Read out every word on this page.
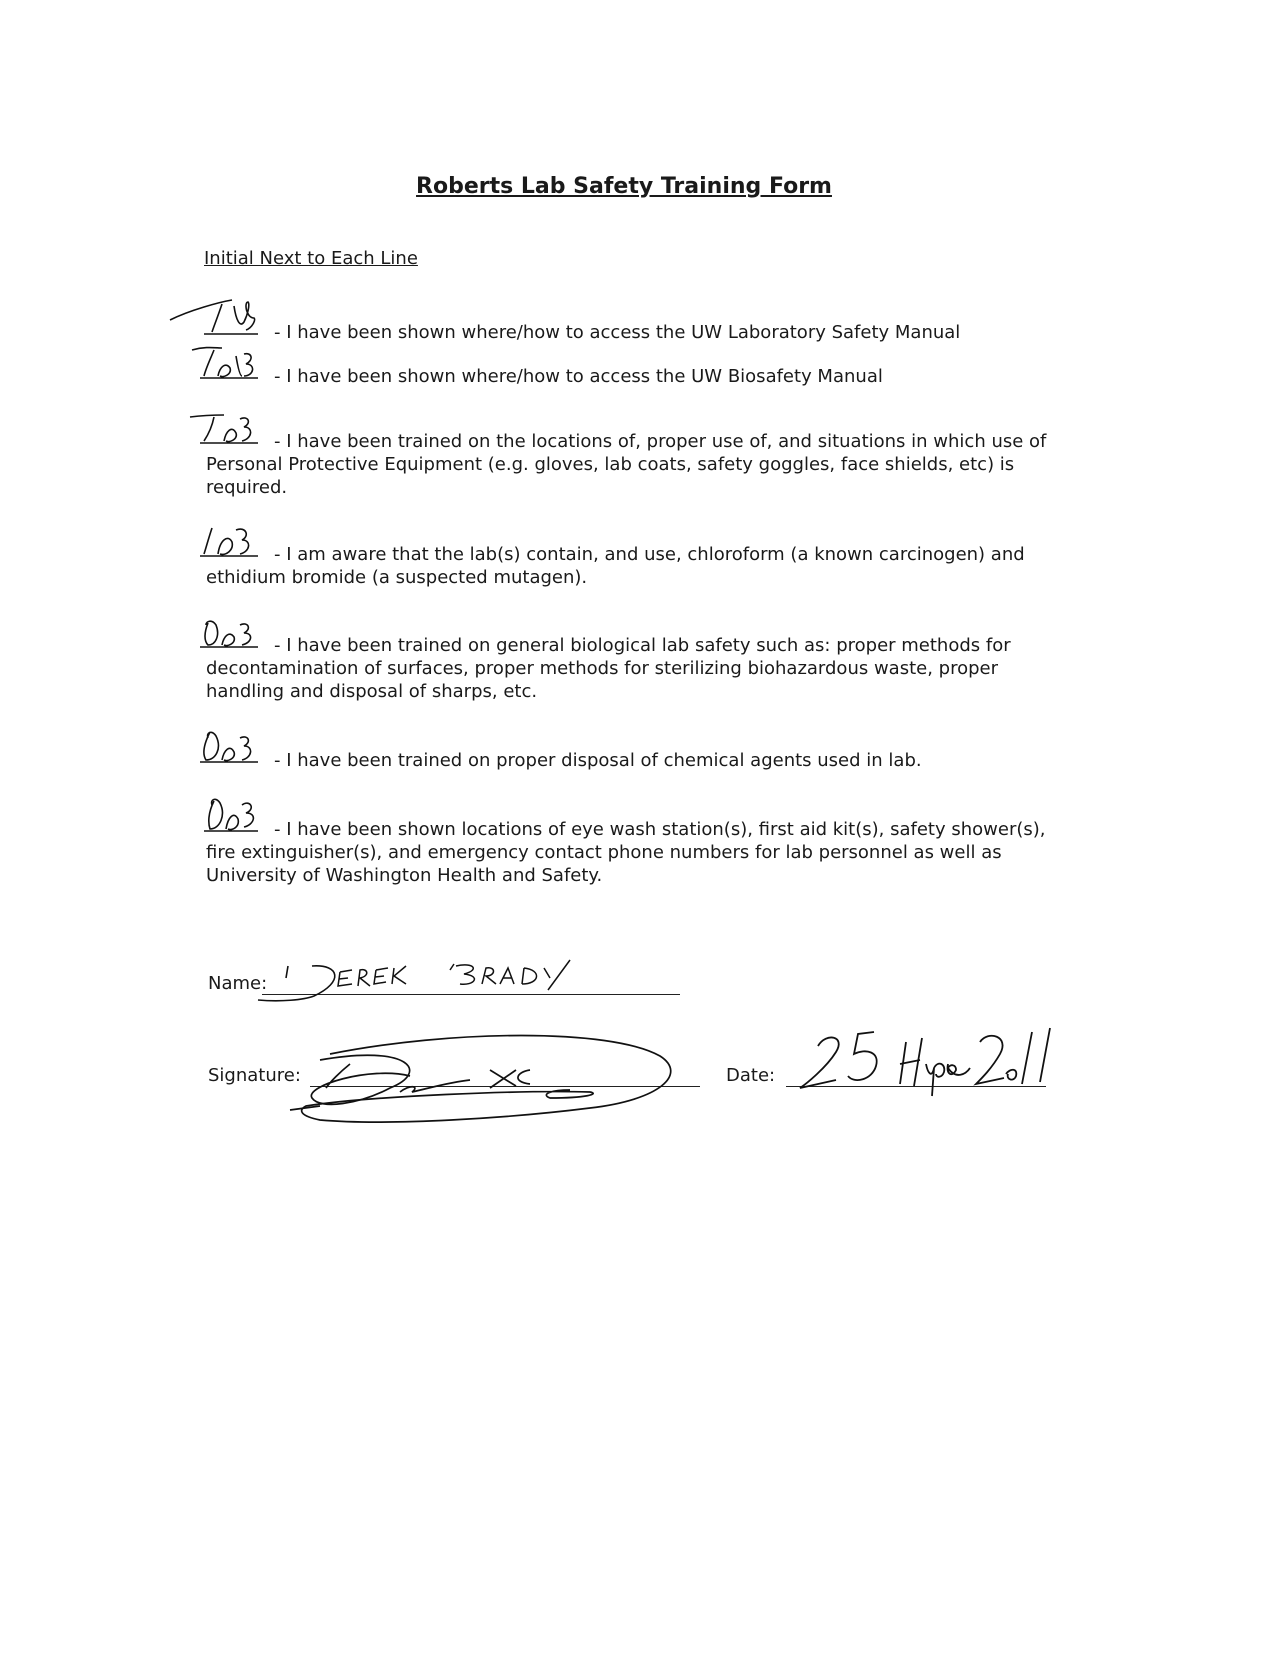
Roberts Lab Safety Training Form
Initial Next to Each Line
- I have been shown where/how to access the UW Laboratory Safety Manual
- I have been shown where/how to access the UW Biosafety Manual
- I have been trained on the locations of, proper use of, and situations in which use of Personal Protective Equipment (e.g. gloves, lab coats, safety goggles, face shields, etc) is required.
- I am aware that the lab(s) contain, and use, chloroform (a known carcinogen) and ethidium bromide (a suspected mutagen).
- I have been trained on general biological lab safety such as: proper methods for decontamination of surfaces, proper methods for sterilizing biohazardous waste, proper handling and disposal of sharps, etc.
- I have been trained on proper disposal of chemical agents used in lab.
- I have been shown locations of eye wash station(s), first aid kit(s), safety shower(s), fire extinguisher(s), and emergency contact phone numbers for lab personnel as well as University of Washington Health and Safety.
Name:
Signature:	Date:
